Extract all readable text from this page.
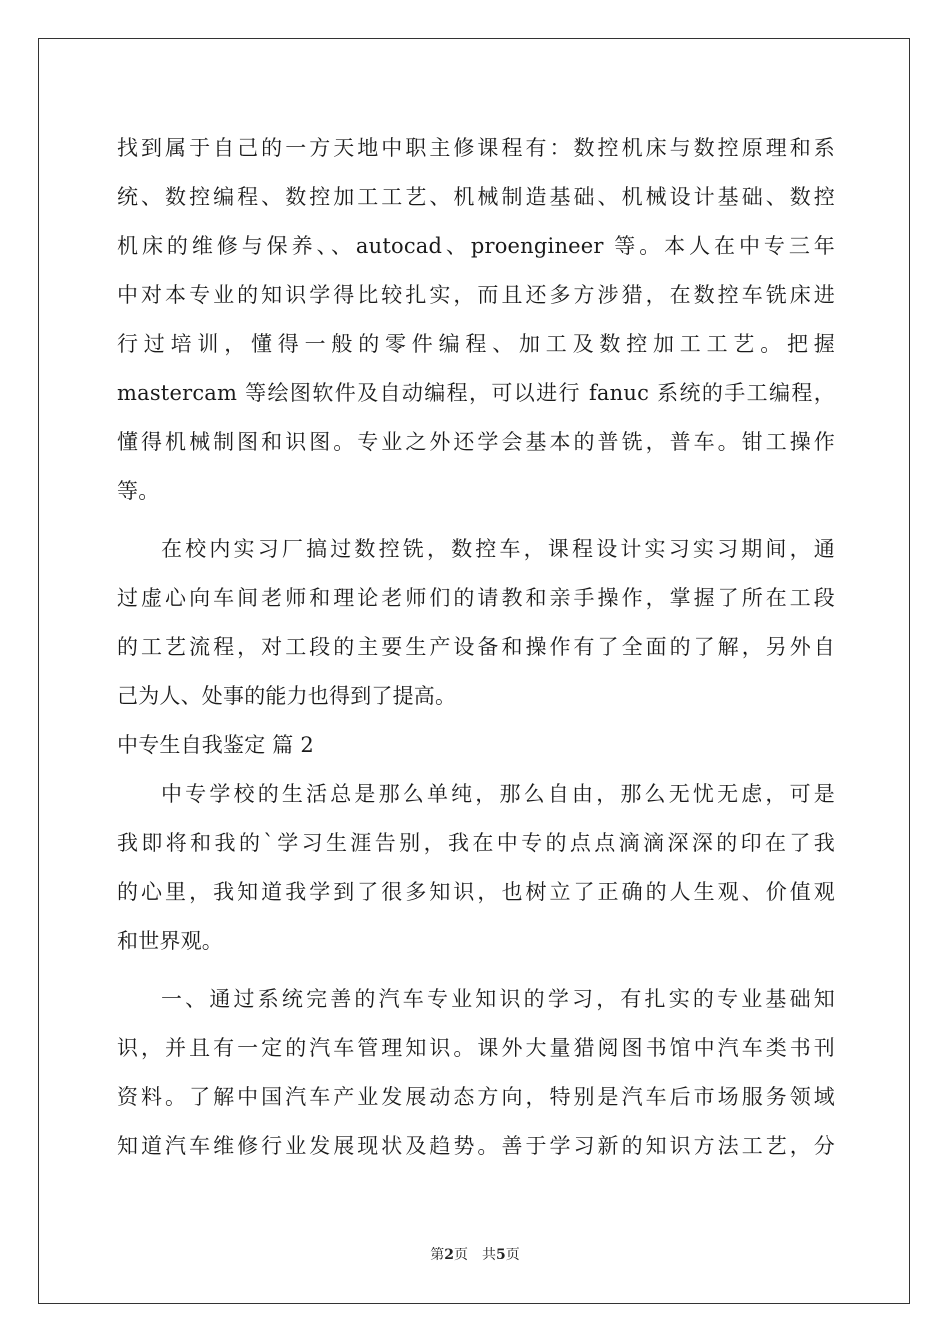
找到属于自己的一方天地中职主修课程有：数控机床与数控原理和系
统、数控编程、数控加工工艺、机械制造基础、机械设计基础、数控
机床的维修与保养、、autocad、proengineer 等。本人在中专三年
中对本专业的知识学得比较扎实，而且还多方涉猎，在数控车铣床进
行过培训，懂得一般的零件编程、加工及数控加工工艺。把握
mastercam 等绘图软件及自动编程，可以进行 fanuc 系统的手工编程，
懂得机械制图和识图。专业之外还学会基本的普铣，普车。钳工操作
等。
在校内实习厂搞过数控铣，数控车，课程设计实习实习期间，通
过虚心向车间老师和理论老师们的请教和亲手操作，掌握了所在工段
的工艺流程，对工段的主要生产设备和操作有了全面的了解，另外自
己为人、处事的能力也得到了提高。
中专生自我鉴定 篇 2
中专学校的生活总是那么单纯，那么自由，那么无忧无虑，可是
我即将和我的`学习生涯告别，我在中专的点点滴滴深深的印在了我
的心里，我知道我学到了很多知识，也树立了正确的人生观、价值观
和世界观。
一、通过系统完善的汽车专业知识的学习，有扎实的专业基础知
识，并且有一定的汽车管理知识。课外大量猎阅图书馆中汽车类书刊
资料。了解中国汽车产业发展动态方向，特别是汽车后市场服务领域
知道汽车维修行业发展现状及趋势。善于学习新的知识方法工艺，分
第2页　共5页
